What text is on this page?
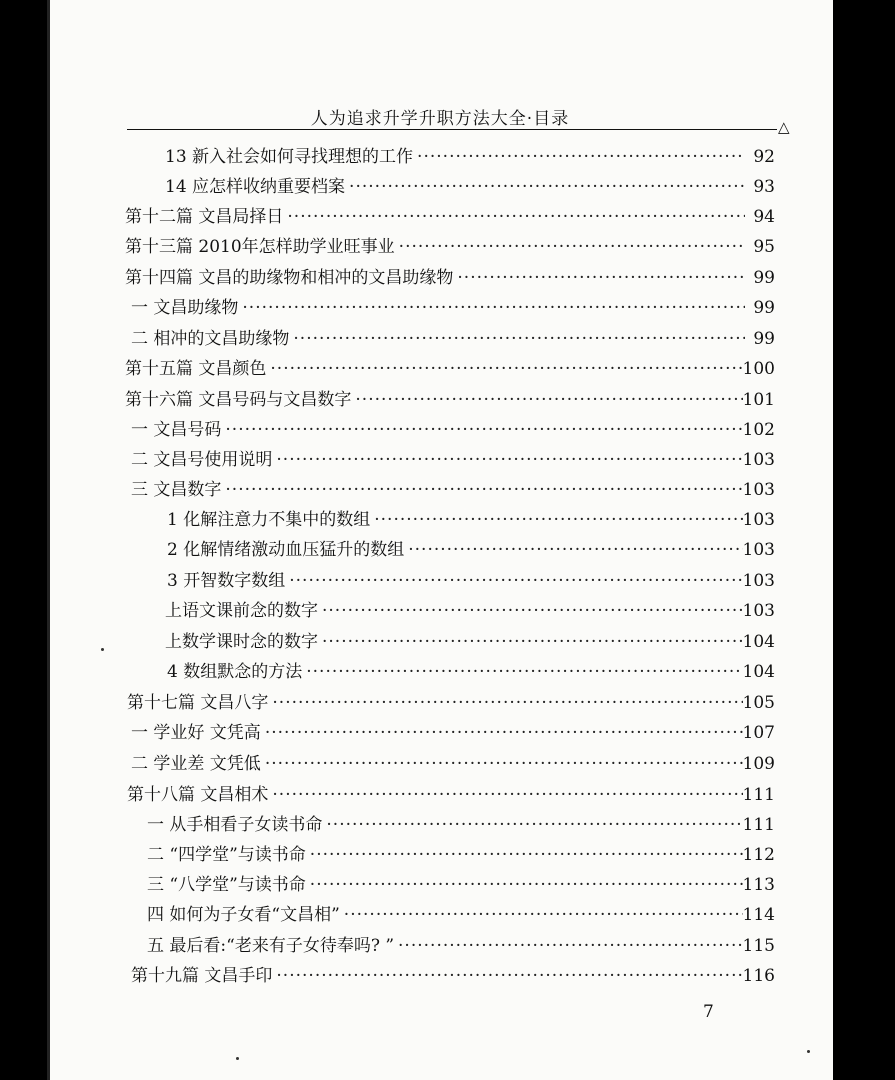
人为追求升学升职方法大全·目录	△
13 新入社会如何寻找理想的工作 ·····	92
14 应怎样收纳重要档案 ·····	93
第十二篇 文昌局择日 ·····	94
第十三篇 2010年怎样助学业旺事业 ·····	95
第十四篇 文昌的助缘物和相冲的文昌助缘物 ·····	99
一 文昌助缘物 ·····	99
二 相冲的文昌助缘物 ·····	99
第十五篇 文昌颜色 ·····	100
第十六篇 文昌号码与文昌数字 ·····	101
一 文昌号码 ·····	102
二 文昌号使用说明 ·····	103
三 文昌数字 ·····	103
1 化解注意力不集中的数组 ·····	103
2 化解情绪激动血压猛升的数组 ·····	103
3 开智数字数组 ·····	103
上语文课前念的数字 ·····	103
上数学课时念的数字 ·····	104
4 数组默念的方法 ·····	104
第十七篇 文昌八字 ·····	105
一 学业好 文凭高 ·····	107
二 学业差 文凭低 ·····	109
第十八篇 文昌相术 ·····	111
一 从手相看子女读书命 ·····	111
二 “四学堂”与读书命 ·····	112
三 “八学堂”与读书命 ·····	113
四 如何为子女看“文昌相” ·····	114
五 最后看:“老来有子女待奉吗? ” ·····	115
第十九篇 文昌手印 ·····	116
7
